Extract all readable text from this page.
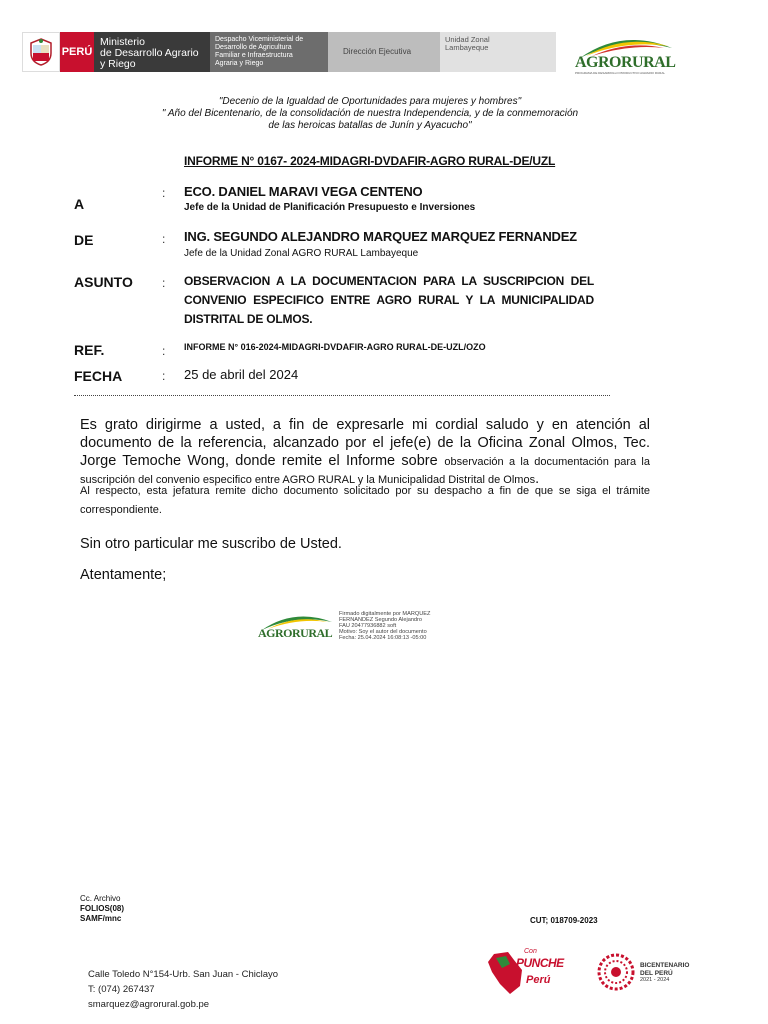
PERÚ
Ministerio
de Desarrollo Agrario
y Riego
Despacho Viceministerial de
Desarrollo de Agricultura
Familiar e Infraestructura
Agraria y Riego
Dirección Ejecutiva
Unidad Zonal
Lambayeque
AGRORURAL
PROGRAMA DE DESARROLLO PRODUCTIVO AGRARIO RURAL
"Decenio de la Igualdad de Oportunidades para mujeres y hombres"
" Año del Bicentenario, de la consolidación de nuestra Independencia, y de la conmemoración
de las heroicas batallas de Junín y Ayacucho"
INFORME N° 0167- 2024-MIDAGRI-DVDAFIR-AGRO RURAL-DE/UZL
A
: ECO. DANIEL MARAVI VEGA CENTENO
Jefe de la Unidad de Planificación Presupuesto e Inversiones
DE	: ING. SEGUNDO ALEJANDRO MARQUEZ MARQUEZ FERNANDEZ
Jefe de la Unidad Zonal AGRO RURAL Lambayeque
ASUNTO : OBSERVACION A LA DOCUMENTACION PARA LA SUSCRIPCION DEL CONVENIO ESPECIFICO ENTRE AGRO RURAL Y LA MUNICIPALIDAD DISTRITAL DE OLMOS.
REF.	: INFORME N° 016-2024-MIDAGRI-DVDAFIR-AGRO RURAL-DE-UZL/OZO
FECHA	: 25 de abril del 2024
Es grato dirigirme a usted, a fin de expresarle mi cordial saludo y en atención al documento de la referencia, alcanzado por el jefe(e) de la Oficina Zonal Olmos, Tec. Jorge Temoche Wong, donde remite el Informe sobre observación a la documentación para la suscripción del convenio especifico entre AGRO RURAL y la Municipalidad Distrital de Olmos.
Al respecto, esta jefatura remite dicho documento solicitado por su despacho a fin de que se siga el trámite correspondiente.
Sin otro particular me suscribo de Usted.
Atentamente;
AGRORURAL
Firmado digitalmente por MARQUEZ
FERNANDEZ Segundo Alejandro
FAU 20477936882 soft
Motivo: Soy el autor del documento
Fecha: 25.04.2024 16:08:13 -05:00
Cc. Archivo
FOLIOS(08)
SAMF/mnc	CUT; 018709-2023
Calle Toledo N°154-Urb. San Juan - Chiclayo
T: (074) 267437
smarquez@agrorural.gob.pe
Con
PUNCHE
Perú
BICENTENARIO
DEL PERÚ
2021 - 2024
